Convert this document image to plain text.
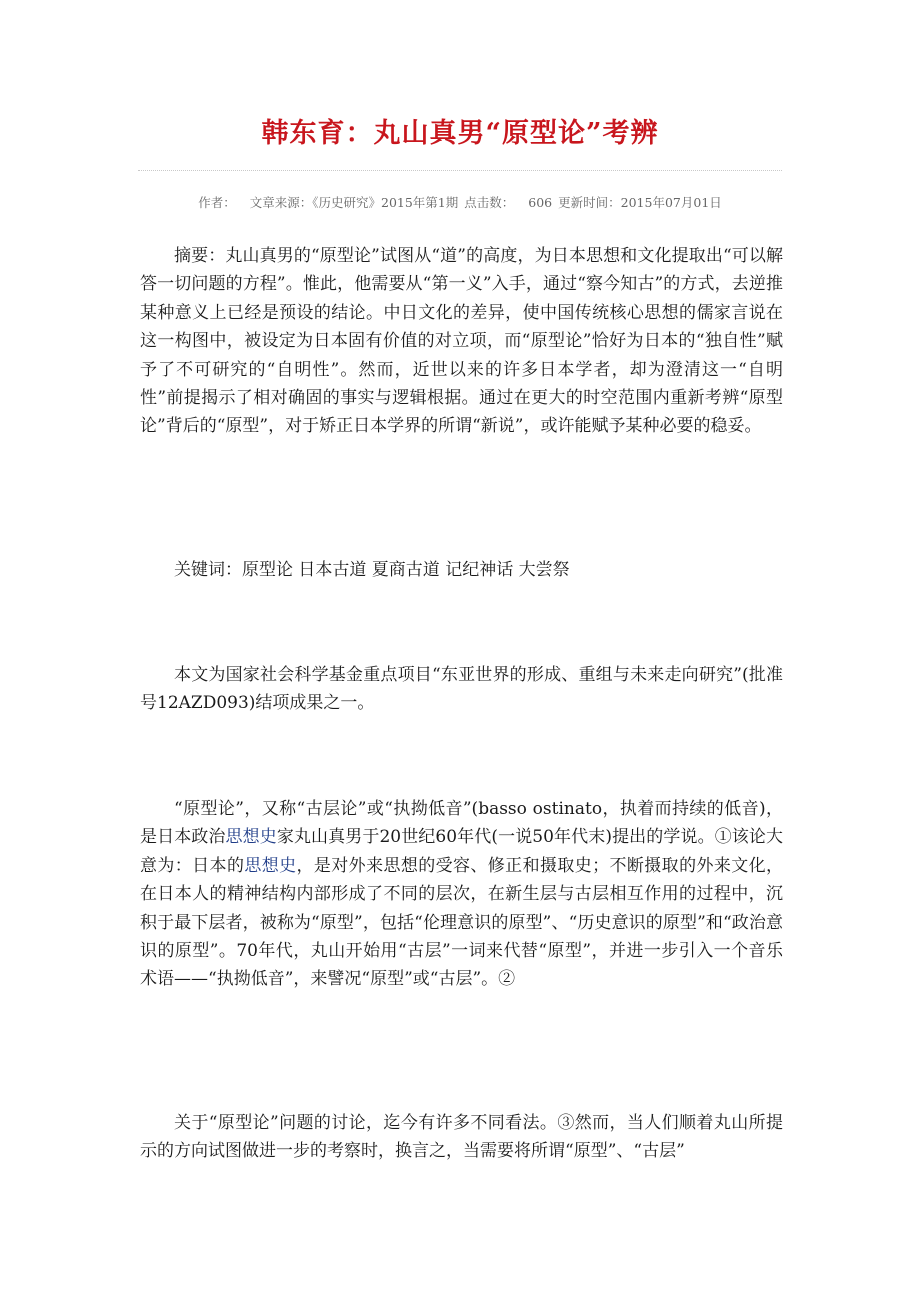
韩东育：丸山真男“原型论”考辨
作者： 文章来源：《历史研究》2015年第1期 点击数： 606 更新时间：2015年07月01日

摘要：丸山真男的“原型论”试图从“道”的高度，为日本思想和文化提取出“可以解答一切问题的方程”。惟此，他需要从“第一义”入手，通过“察今知古”的方式，去逆推某种意义上已经是预设的结论。中日文化的差异，使中国传统核心思想的儒家言说在这一构图中，被设定为日本固有价值的对立项，而“原型论”恰好为日本的“独自性”赋予了不可研究的“自明性”。然而，近世以来的许多日本学者，却为澄清这一“自明性”前提揭示了相对确固的事实与逻辑根据。通过在更大的时空范围内重新考辨“原型论”背后的“原型”，对于矫正日本学界的所谓“新说”，或许能赋予某种必要的稳妥。

关键词：原型论 日本古道 夏商古道 记纪神话 大尝祭

本文为国家社会科学基金重点项目“东亚世界的形成、重组与未来走向研究”(批准号12AZD093)结项成果之一。

“原型论”，又称“古层论”或“执拗低音”(basso ostinato，执着而持续的低音)，是日本政治思想史家丸山真男于20世纪60年代(一说50年代末)提出的学说。①该论大意为：日本的思想史，是对外来思想的受容、修正和摄取史；不断摄取的外来文化，在日本人的精神结构内部形成了不同的层次，在新生层与古层相互作用的过程中，沉积于最下层者，被称为“原型”，包括“伦理意识的原型”、“历史意识的原型”和“政治意识的原型”。70年代，丸山开始用“古层”一词来代替“原型”，并进一步引入一个音乐术语——“执拗低音”，来譬况“原型”或“古层”。②

关于“原型论”问题的讨论，迄今有许多不同看法。③然而，当人们顺着丸山所提示的方向试图做进一步的考察时，换言之，当需要将所谓“原型”、“古层”
